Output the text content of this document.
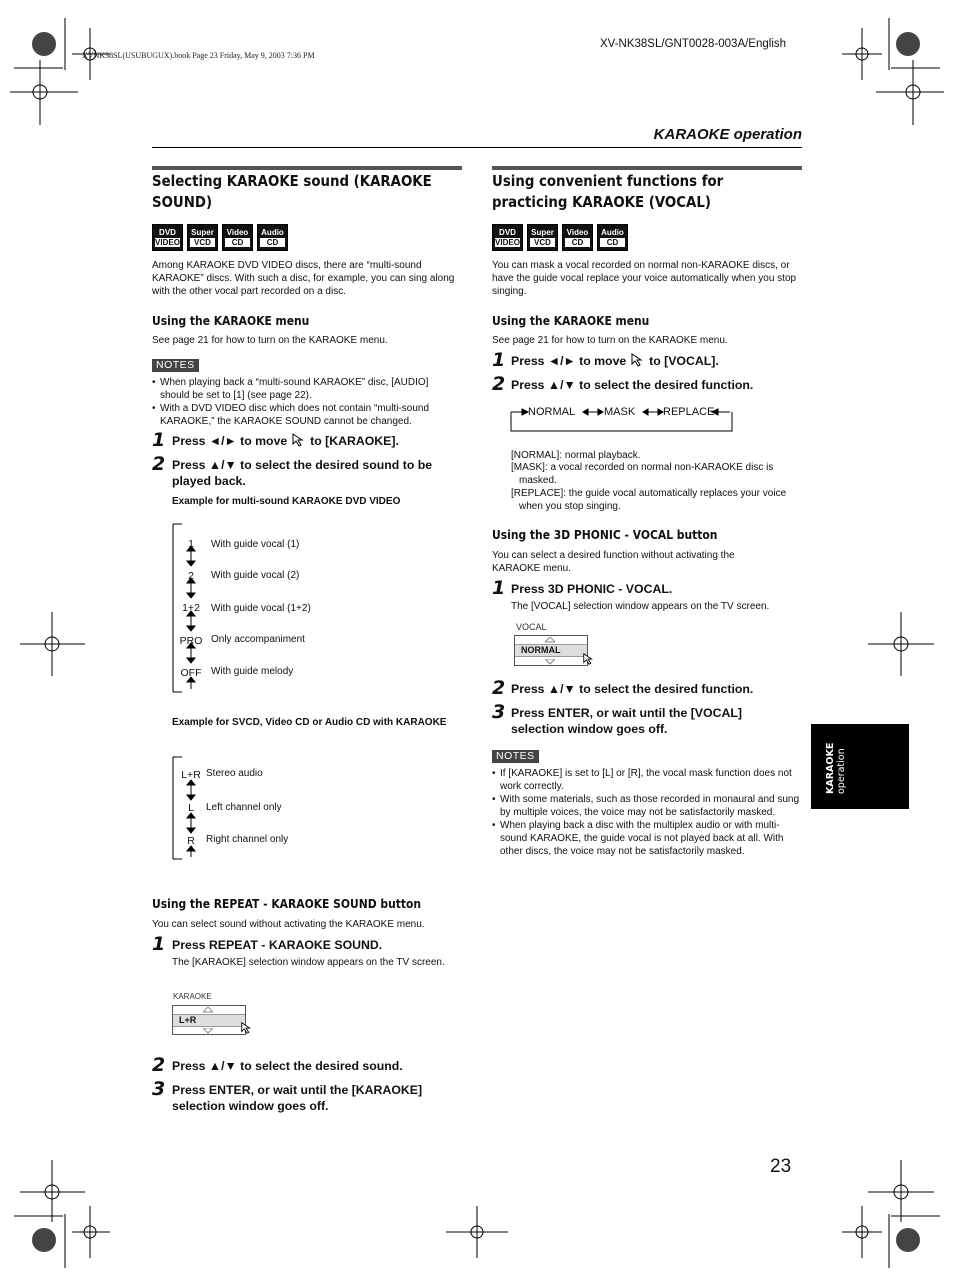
XVNK38SL(USUBUGUX).book Page 23 Friday, May 9, 2003 7:36 PM
XV-NK38SL/GNT0028-003A/English
KARAOKE operation
Selecting KARAOKE sound (KARAOKE SOUND)
DVD
VIDEO
Super
VCD
Video
CD
Audio
CD
Among KARAOKE DVD VIDEO discs, there are “multi-sound KARAOKE” discs. With such a disc, for example, you can sing along with the other vocal part recorded on a disc.
Using the KARAOKE menu
See page 21 for how to turn on the KARAOKE menu.
NOTES
• When playing back a “multi-sound KARAOKE” disc, [AUDIO] should be set to [1] (see page 22).
• With a DVD VIDEO disc which does not contain “multi-sound KARAOKE,” the KARAOKE SOUND cannot be changed.
1 Press ◄/► to move to [KARAOKE].
2 Press ▲/▼ to select the desired sound to be played back.
Example for multi-sound KARAOKE DVD VIDEO
1	With guide vocal (1)
2	With guide vocal (2)
1+2	With guide vocal (1+2)
PRO Only accompaniment
OFF With guide melody
Example for SVCD, Video CD or Audio CD with KARAOKE
L+R Stereo audio
L	Left channel only
R	Right channel only
Using the REPEAT - KARAOKE SOUND button
You can select sound without activating the KARAOKE menu.
1 Press REPEAT - KARAOKE SOUND.
The [KARAOKE] selection window appears on the TV screen.
KARAOKE
L+R
2 Press ▲/▼ to select the desired sound.
3 Press ENTER, or wait until the [KARAOKE] selection window goes off.
Using convenient functions for practicing KARAOKE (VOCAL)
DVD
VIDEO
Super
VCD
Video
CD
Audio
CD
You can mask a vocal recorded on normal non-KARAOKE discs, or have the guide vocal replace your voice automatically when you stop singing.
Using the KARAOKE menu
See page 21 for how to turn on the KARAOKE menu.
1 Press ◄/► to move to [VOCAL].
2 Press ▲/▼ to select the desired function.
NORMAL	MASK	REPLACE
[NORMAL]: normal playback.
[MASK]: a vocal recorded on normal non-KARAOKE disc is masked.
[REPLACE]: the guide vocal automatically replaces your voice when you stop singing.
Using the 3D PHONIC - VOCAL button
You can select a desired function without activating the KARAOKE menu.
1 Press 3D PHONIC - VOCAL.
The [VOCAL] selection window appears on the TV screen.
VOCAL
NORMAL
2 Press ▲/▼ to select the desired function.
3 Press ENTER, or wait until the [VOCAL] selection window goes off.
NOTES
• If [KARAOKE] is set to [L] or [R], the vocal mask function does not work correctly.
• With some materials, such as those recorded in monaural and sung by multiple voices, the voice may not be satisfactorily masked.
• When playing back a disc with the multiplex audio or with multi-sound KARAOKE, the guide vocal is not played back at all. With other discs, the voice may not be satisfactorily masked.
KARAOKE operation
23
